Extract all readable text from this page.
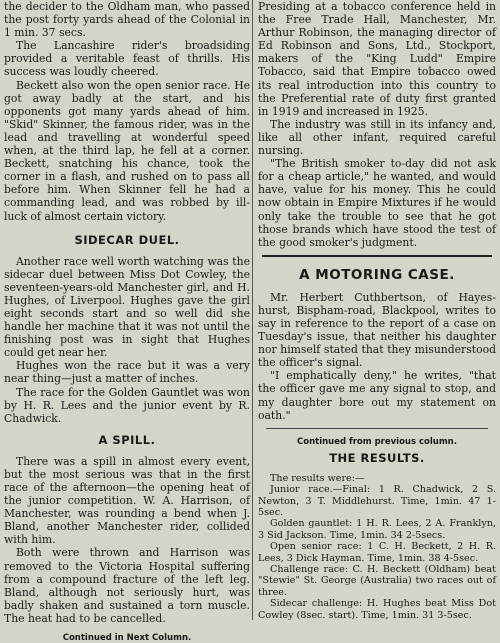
the decider to the Oldham man, who passed the post forty yards ahead of the Colonial in 1 min. 37 secs.

The Lancashire rider's broadsiding provided a veritable feast of thrills. His success was loudly cheered.

Beckett also won the open senior race. He got away badly at the start, and his opponents got many yards ahead of him. "Skid" Skinner, the famous rider, was in the lead and travelling at wonderful speed when, at the third lap, he fell at a corner. Beckett, snatching his chance, took the corner in a flash, and rushed on to pass all before him. When Skinner fell he had a commanding lead, and was robbed by ill-luck of almost certain victory.

SIDECAR DUEL.

Another race well worth watching was the sidecar duel between Miss Dot Cowley, the seventeen-years-old Manchester girl, and H. Hughes, of Liverpool. Hughes gave the girl eight seconds start and so well did she handle her machine that it was not until the finishing post was in sight that Hughes could get near her.

Hughes won the race but it was a very near thing—just a matter of inches.

The race for the Golden Gauntlet was won by H. R. Lees and the junior event by R. Chadwick.

A SPILL.

There was a spill in almost every event, but the most serious was that in the first race of the afternoon—the opening heat of the junior competition. W. A. Harrison, of Manchester, was rounding a bend when J. Bland, another Manchester rider, collided with him.

Both were thrown and Harrison was removed to the Victoria Hospital suffering from a compound fracture of the left leg. Bland, although not seriously hurt, was badly shaken and sustained a torn muscle. The heat had to be cancelled.

Continued in Next Column.

Presiding at a tobacco conference held in the Free Trade Hall, Manchester, Mr. Arthur Robinson, the managing director of Ed Robinson and Sons, Ltd., Stockport, makers of the "King Ludd" Empire Tobacco, said that Empire tobacco owed its real introduction into this country to the Preferential rate of duty first granted in 1919 and increased in 1925.

The industry was still in its infancy and, like all other infant, required careful nursing.

"The British smoker to-day did not ask for a cheap article," he wanted, and would have, value for his money. This he could now obtain in Empire Mixtures if he would only take the trouble to see that he got those brands which have stood the test of the good smoker's judgment.

A MOTORING CASE.

Mr. Herbert Cuthbertson, of Hayes-hurst, Bispham-road, Blackpool, writes to say in reference to the report of a case on Tuesday's issue, that neither his daughter nor himself stated that they misunderstood the officer's signal.

"I emphatically deny," he writes, "that the officer gave me any signal to stop, and my daughter bore out my statement on oath."

Continued from previous column.
THE RESULTS.

The results were:—

Junior race.—Final: 1 R. Chadwick, 2 S. Newton, 3 T. Middlehurst. Time, 1min. 47 1-5sec.

Golden gauntlet: 1 H. R. Lees, 2 A. Franklyn, 3 Sid Jackson. Time, 1min. 34 2-5secs.

Open senior race: 1 C. H. Beckett, 2 H. R. Lees, 3 Dick Hayman. Time, 1min. 38 4-5sec.

Challenge race: C. H. Beckett (Oldham) beat "Stewie" St. George (Australia) two races out of three.

Sidecar challenge: H. Hughes beat Miss Dot Cowley (8sec. start). Time, 1min. 31 3-5sec.
